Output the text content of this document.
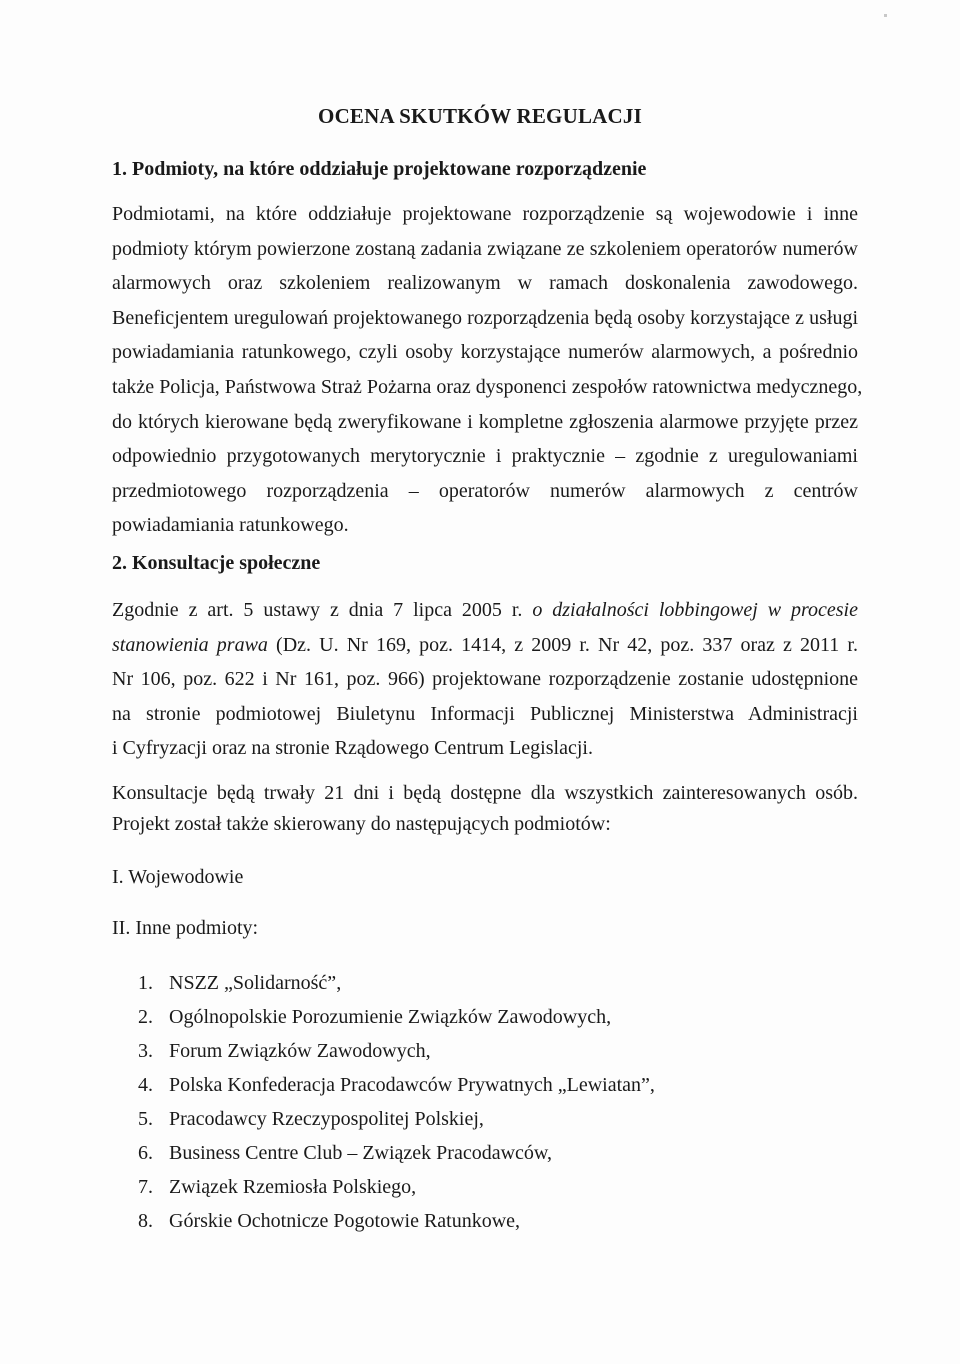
OCENA SKUTKÓW REGULACJI
1. Podmioty, na które oddziałuje projektowane rozporządzenie
Podmiotami, na które oddziałuje projektowane rozporządzenie są wojewodowie i inne
podmioty którym powierzone zostaną zadania związane ze szkoleniem operatorów numerów
alarmowych oraz szkoleniem realizowanym w ramach doskonalenia zawodowego.
Beneficjentem uregulowań projektowanego rozporządzenia będą osoby korzystające z usługi
powiadamiania ratunkowego, czyli osoby korzystające numerów alarmowych, a pośrednio
także Policja, Państwowa Straż Pożarna oraz dysponenci zespołów ratownictwa medycznego,
do których kierowane będą zweryfikowane i kompletne zgłoszenia alarmowe przyjęte przez
odpowiednio przygotowanych merytorycznie i praktycznie – zgodnie z uregulowaniami
przedmiotowego rozporządzenia – operatorów numerów alarmowych z centrów
powiadamiania ratunkowego.
2. Konsultacje społeczne
Zgodnie z art. 5 ustawy z dnia 7 lipca 2005 r. o działalności lobbingowej w procesie
stanowienia prawa (Dz. U. Nr 169, poz. 1414, z 2009 r. Nr 42, poz. 337 oraz z 2011 r.
Nr 106, poz. 622 i Nr 161, poz. 966) projektowane rozporządzenie zostanie udostępnione
na stronie podmiotowej Biuletynu Informacji Publicznej Ministerstwa Administracji
i Cyfryzacji oraz na stronie Rządowego Centrum Legislacji.
Konsultacje będą trwały 21 dni i będą dostępne dla wszystkich zainteresowanych osób.
Projekt został także skierowany do następujących podmiotów:
I. Wojewodowie
II. Inne podmioty:
1. NSZZ „Solidarność”,
2. Ogólnopolskie Porozumienie Związków Zawodowych,
3. Forum Związków Zawodowych,
4. Polska Konfederacja Pracodawców Prywatnych „Lewiatan”,
5. Pracodawcy Rzeczypospolitej Polskiej,
6. Business Centre Club – Związek Pracodawców,
7. Związek Rzemiosła Polskiego,
8. Górskie Ochotnicze Pogotowie Ratunkowe,
